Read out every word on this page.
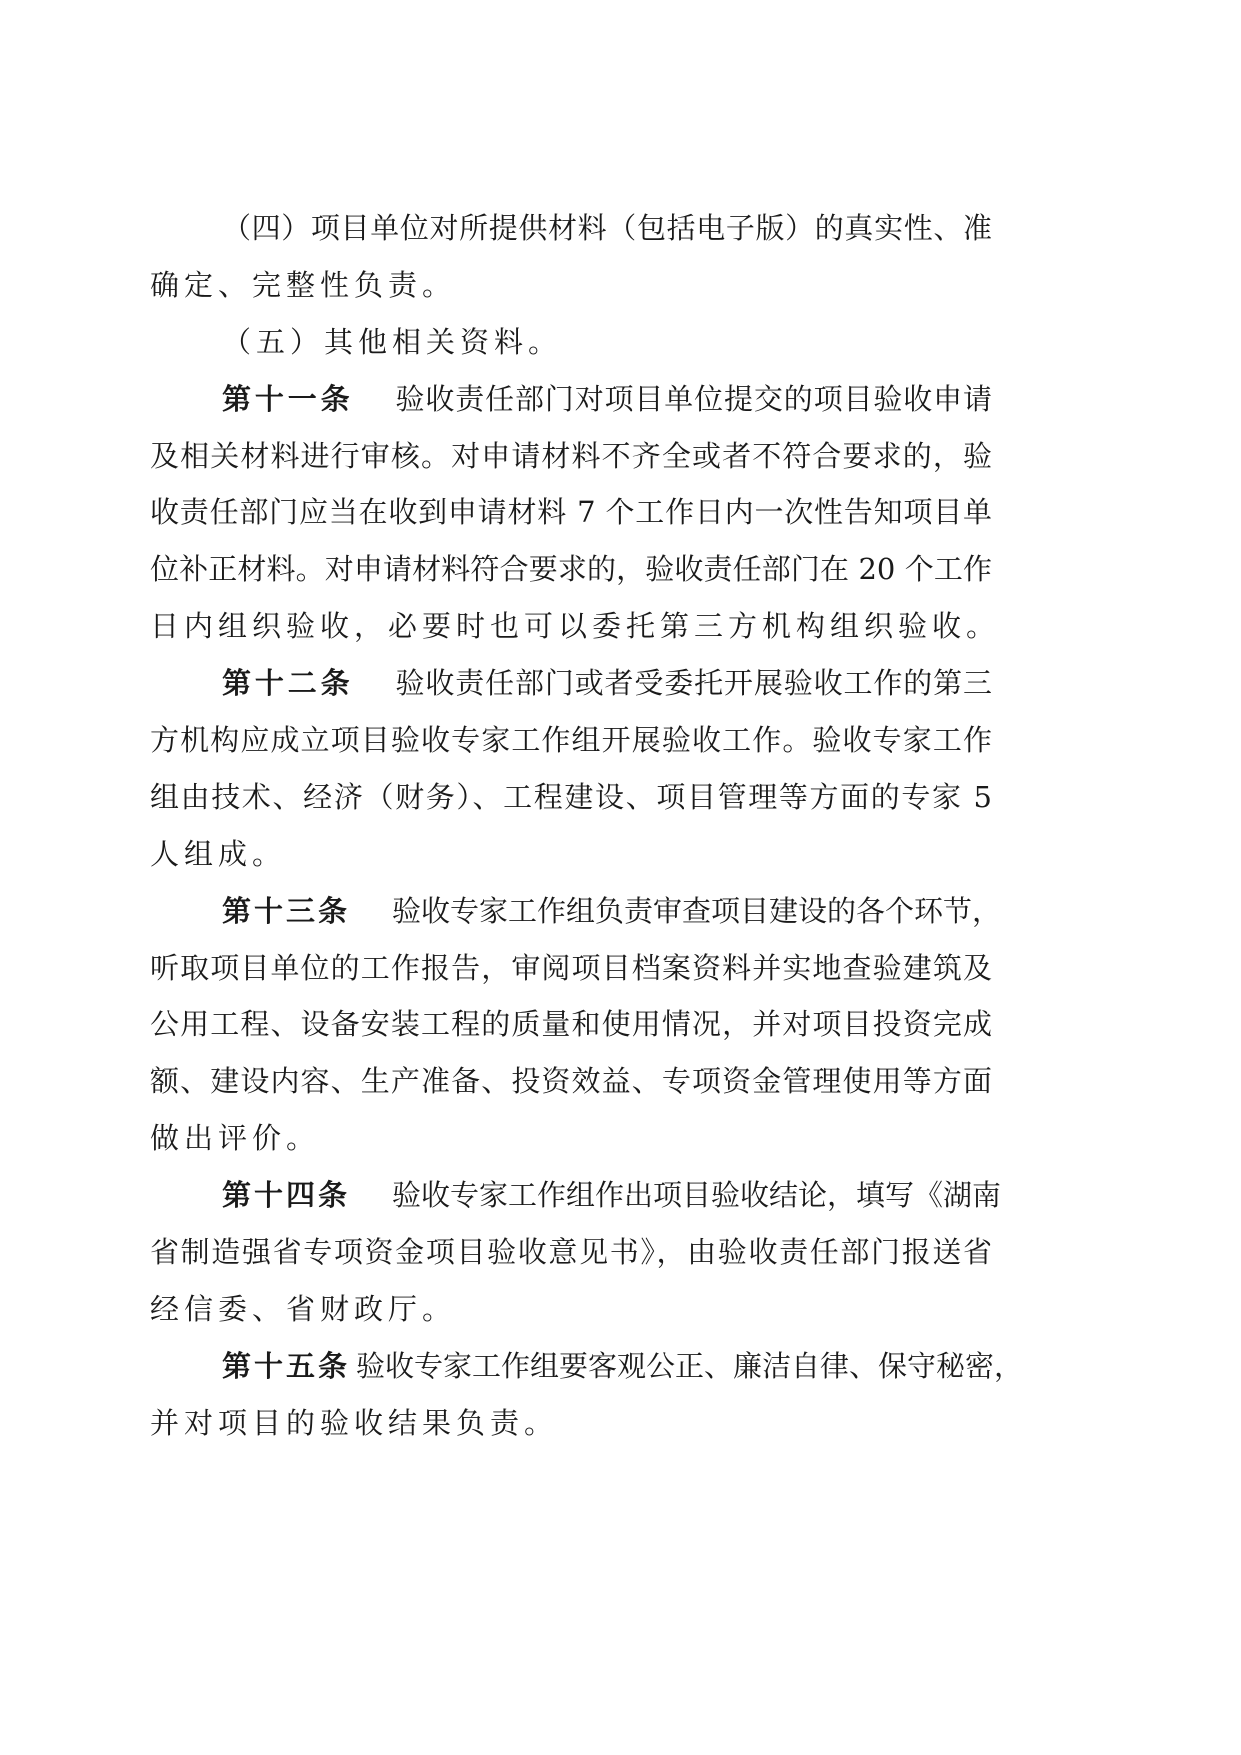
（四）项目单位对所提供材料（包括电子版）的真实性、准
确定、完整性负责。
（五）其他相关资料。
第十一条 验收责任部门对项目单位提交的项目验收申请
及相关材料进行审核。对申请材料不齐全或者不符合要求的，验
收责任部门应当在收到申请材料 7 个工作日内一次性告知项目单
位补正材料。对申请材料符合要求的，验收责任部门在 20 个工作
日内组织验收，必要时也可以委托第三方机构组织验收。
第十二条 验收责任部门或者受委托开展验收工作的第三
方机构应成立项目验收专家工作组开展验收工作。验收专家工作
组由技术、经济（财务）、工程建设、项目管理等方面的专家 5
人组成。
第十三条 验收专家工作组负责审查项目建设的各个环节，
听取项目单位的工作报告，审阅项目档案资料并实地查验建筑及
公用工程、设备安装工程的质量和使用情况，并对项目投资完成
额、建设内容、生产准备、投资效益、专项资金管理使用等方面
做出评价。
第十四条 验收专家工作组作出项目验收结论，填写《湖南
省制造强省专项资金项目验收意见书》，由验收责任部门报送省
经信委、省财政厅。
第十五条 验收专家工作组要客观公正、廉洁自律、保守秘密，
并对项目的验收结果负责。
